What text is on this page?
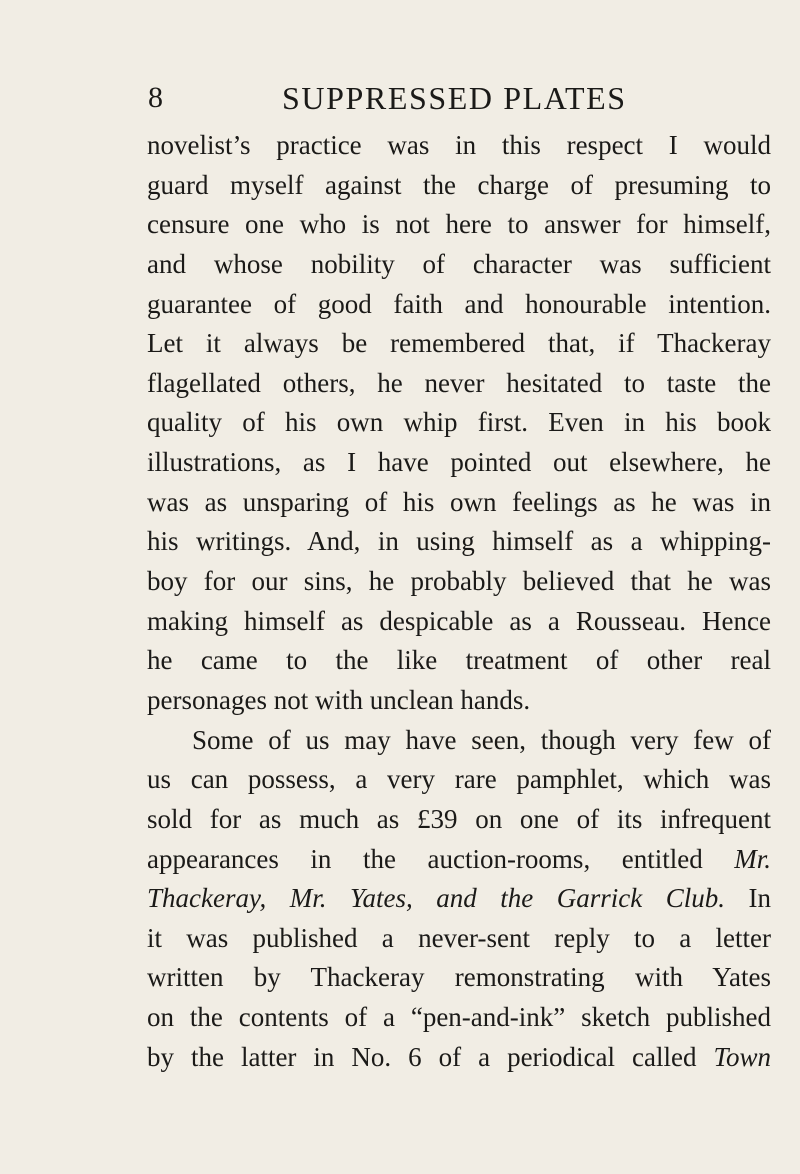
8	SUPPRESSED PLATES
novelist’s practice was in this respect I would
guard myself against the charge of presuming to
censure one who is not here to answer for himself,
and whose nobility of character was sufficient
guarantee of good faith and honourable intention.
Let it always be remembered that, if Thackeray
flagellated others, he never hesitated to taste the
quality of his own whip first. Even in his book
illustrations, as I have pointed out elsewhere, he
was as unsparing of his own feelings as he was in
his writings. And, in using himself as a whipping-
boy for our sins, he probably believed that he was
making himself as despicable as a Rousseau. Hence
he came to the like treatment of other real
personages not with unclean hands.
Some of us may have seen, though very few of
us can possess, a very rare pamphlet, which was
sold for as much as £39 on one of its infrequent
appearances in the auction-rooms, entitled Mr.
Thackeray, Mr. Yates, and the Garrick Club. In
it was published a never-sent reply to a letter
written by Thackeray remonstrating with Yates
on the contents of a “pen-and-ink” sketch published
by the latter in No. 6 of a periodical called Town
